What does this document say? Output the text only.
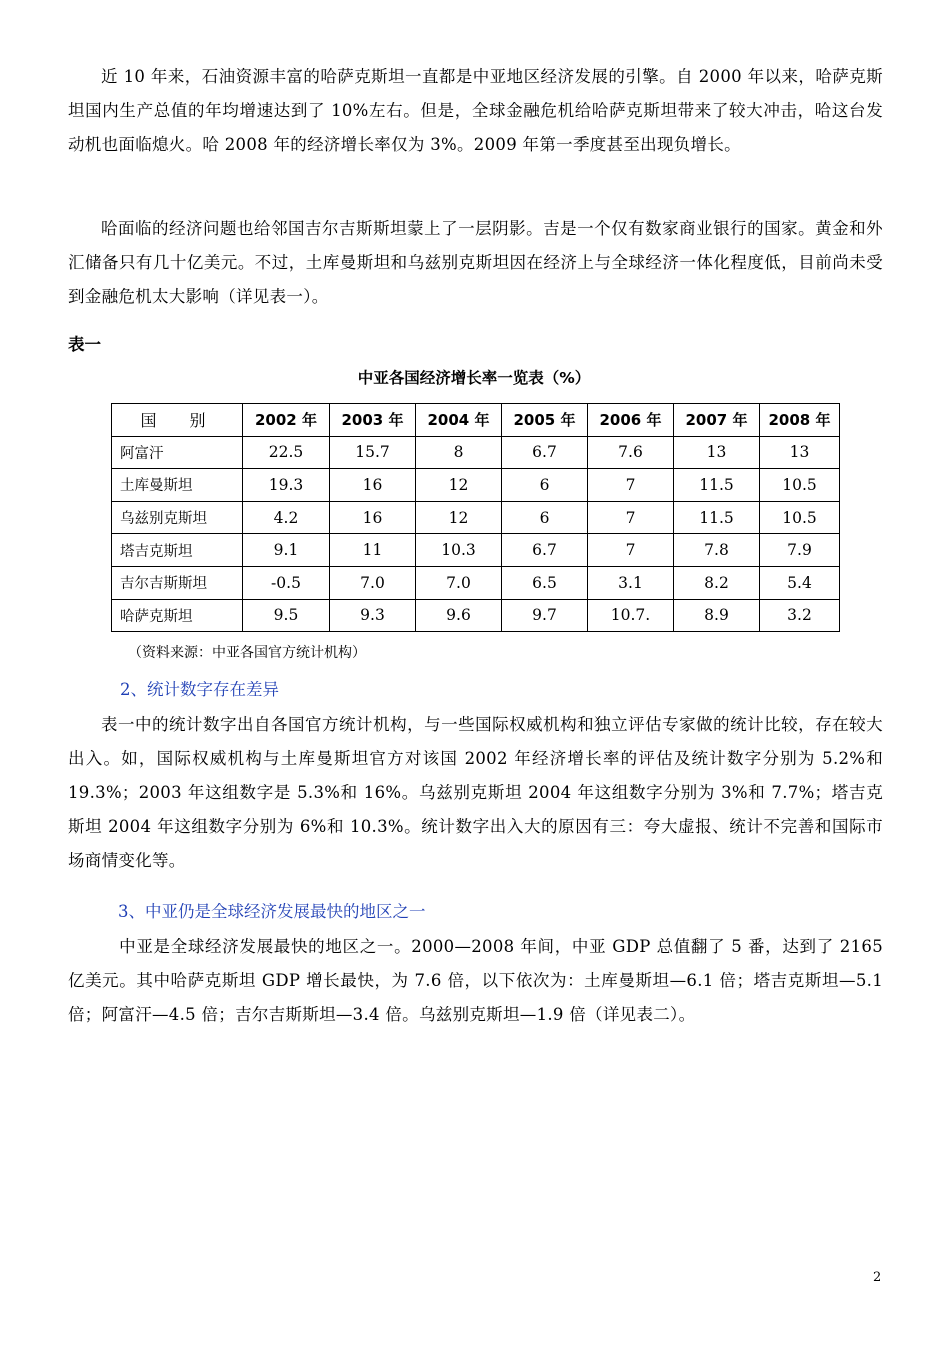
近 10 年来，石油资源丰富的哈萨克斯坦一直都是中亚地区经济发展的引擎。自 2000 年以来，哈萨克斯坦国内生产总值的年均增速达到了 10%左右。但是，全球金融危机给哈萨克斯坦带来了较大冲击，哈这台发动机也面临熄火。哈 2008 年的经济增长率仅为 3%。2009 年第一季度甚至出现负增长。

哈面临的经济问题也给邻国吉尔吉斯斯坦蒙上了一层阴影。吉是一个仅有数家商业银行的国家。黄金和外汇储备只有几十亿美元。不过，土库曼斯坦和乌兹别克斯坦因在经济上与全球经济一体化程度低，目前尚未受到金融危机太大影响（详见表一）。

表一
中亚各国经济增长率一览表（%）
国 别	2002 年	2003 年	2004 年	2005 年	2006 年	2007 年	2008 年
阿富汗	22.5	15.7	8	6.7	7.6	13	13
土库曼斯坦	19.3	16	12	6	7	11.5	10.5
乌兹别克斯坦	4.2	16	12	6	7	11.5	10.5
塔吉克斯坦	9.1	11	10.3	6.7	7	7.8	7.9
吉尔吉斯斯坦	-0.5	7.0	7.0	6.5	3.1	8.2	5.4
哈萨克斯坦	9.5	9.3	9.6	9.7	10.7.	8.9	3.2
（资料来源：中亚各国官方统计机构）
2、统计数字存在差异

表一中的统计数字出自各国官方统计机构，与一些国际权威机构和独立评估专家做的统计比较，存在较大出入。如，国际权威机构与土库曼斯坦官方对该国 2002 年经济增长率的评估及统计数字分别为 5.2%和 19.3%；2003 年这组数字是 5.3%和 16%。乌兹别克斯坦 2004 年这组数字分别为 3%和 7.7%；塔吉克斯坦 2004 年这组数字分别为 6%和 10.3%。统计数字出入大的原因有三：夸大虚报、统计不完善和国际市场商情变化等。

3、中亚仍是全球经济发展最快的地区之一

中亚是全球经济发展最快的地区之一。2000—2008 年间，中亚 GDP 总值翻了 5 番，达到了 2165 亿美元。其中哈萨克斯坦 GDP 增长最快，为 7.6 倍，以下依次为：土库曼斯坦—6.1 倍；塔吉克斯坦—5.1 倍；阿富汗—4.5 倍；吉尔吉斯斯坦—3.4 倍。乌兹别克斯坦—1.9 倍（详见表二）。

2
